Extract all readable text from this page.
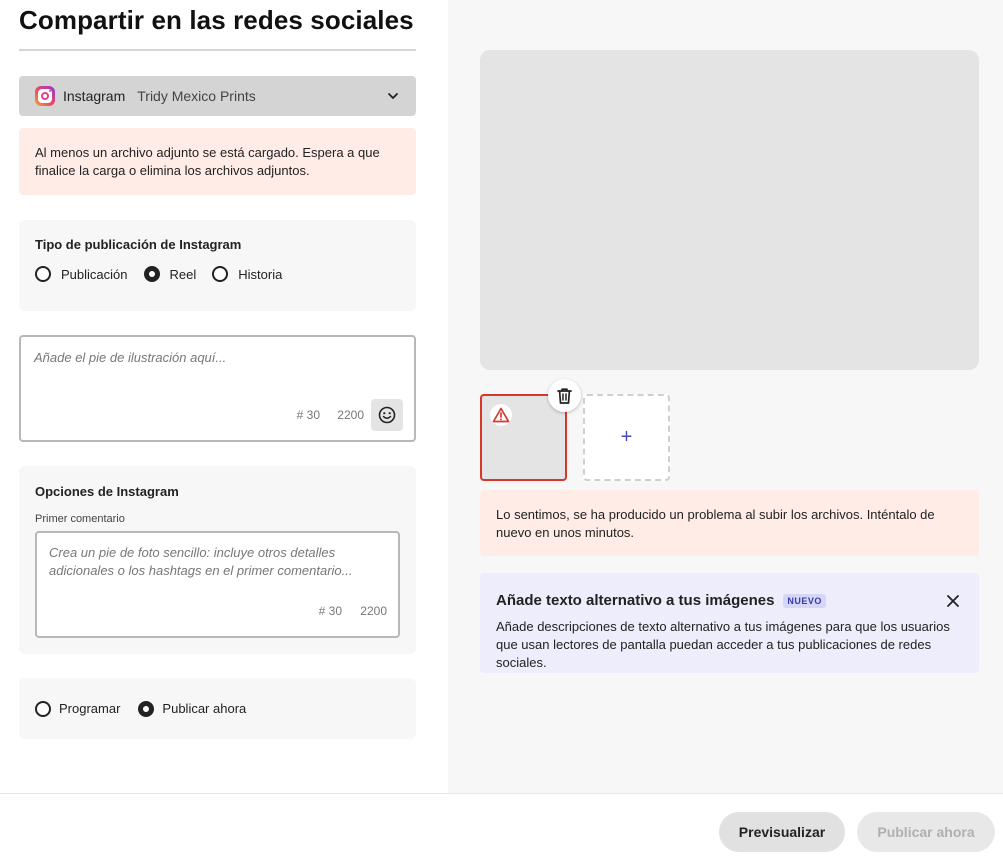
Compartir en las redes sociales
Instagram Tridy Mexico Prints
Al menos un archivo adjunto se está cargado. Espera a que finalice la carga o elimina los archivos adjuntos.
Tipo de publicación de Instagram
Publicación	Reel	Historia
Añade el pie de ilustración aquí...
# 30 2200
Opciones de Instagram
Primer comentario
Crea un pie de foto sencillo: incluye otros detalles adicionales o los hashtags en el primer comentario...
# 30 2200
Programar	Publicar ahora
+
Lo sentimos, se ha producido un problema al subir los archivos. Inténtalo de nuevo en unos minutos.
Añade texto alternativo a tus imágenes	NUEVO
Añade descripciones de texto alternativo a tus imágenes para que los usuarios que usan lectores de pantalla puedan acceder a tus publicaciones de redes sociales.
Previsualizar	Publicar ahora
